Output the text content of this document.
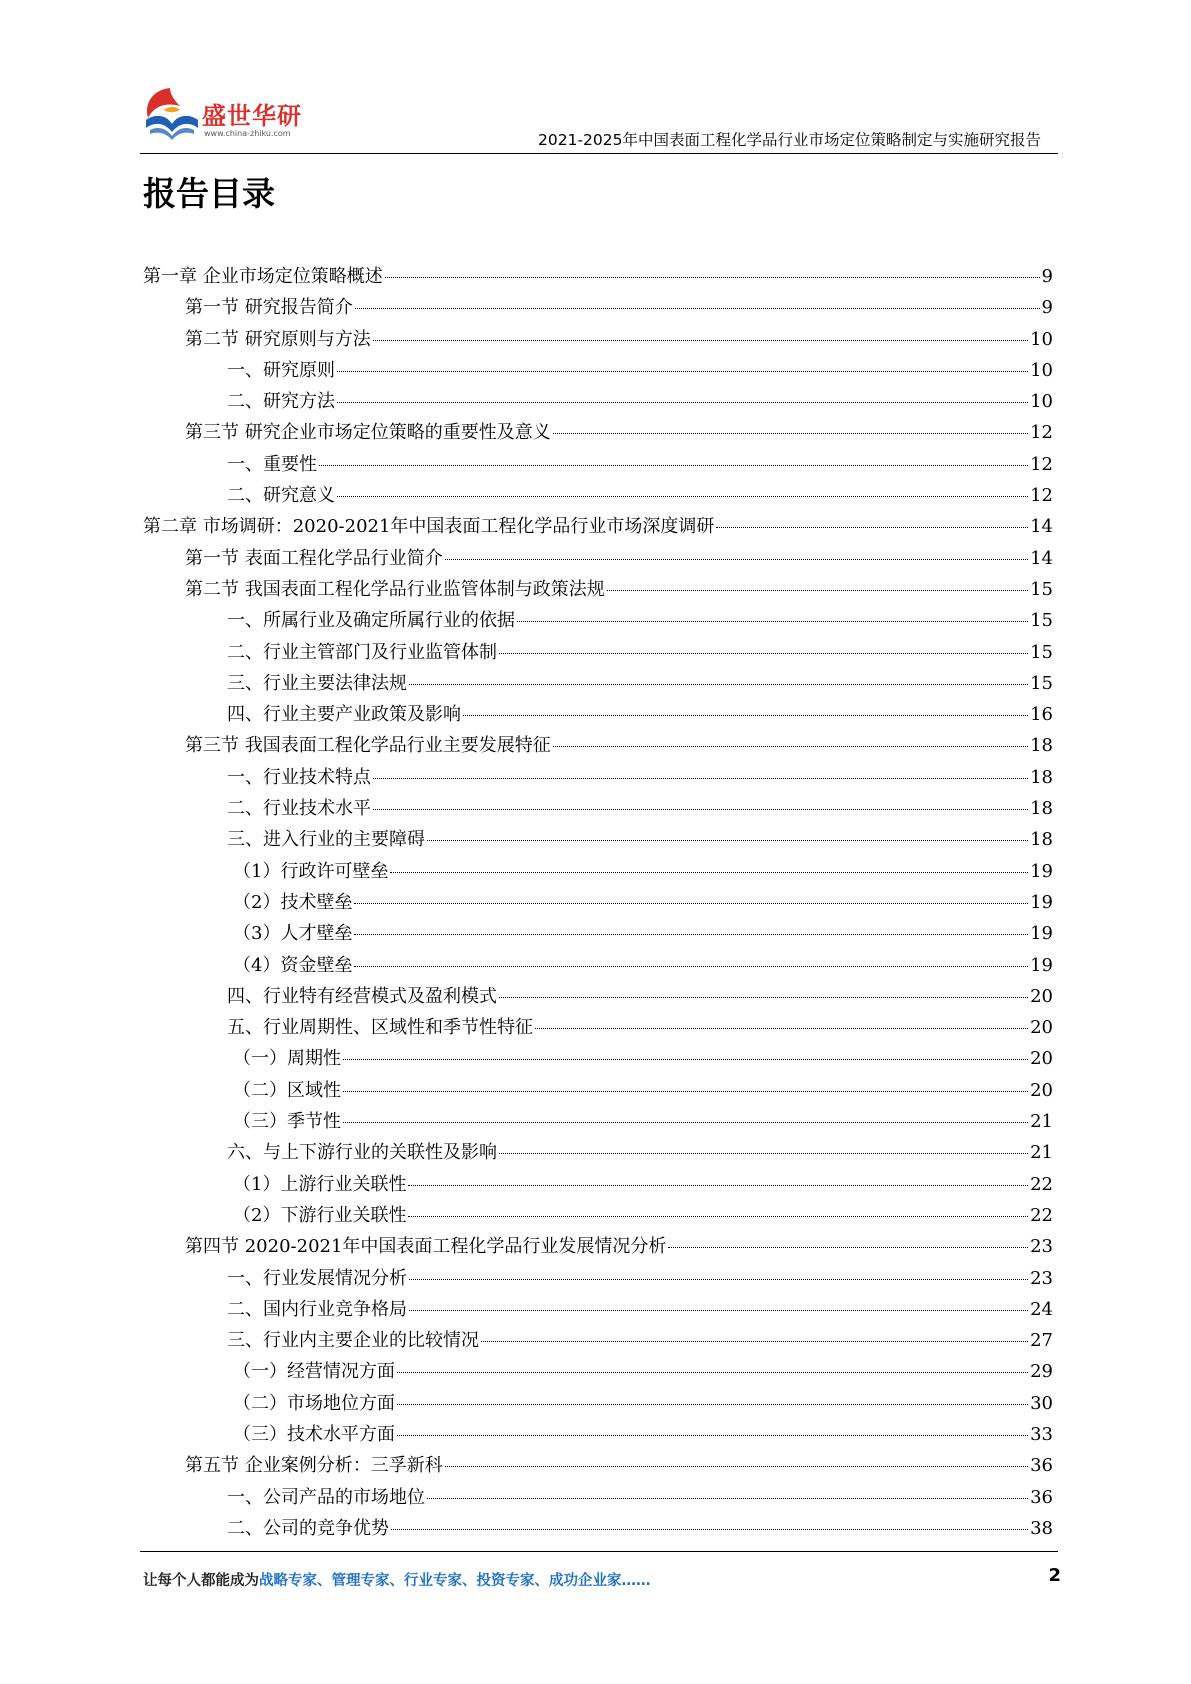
盛世华研
www.china-zhiku.com	2021-2025年中国表面工程化学品行业市场定位策略制定与实施研究报告
报告目录
第一章 企业市场定位策略概述	9
第一节 研究报告简介	9
第二节 研究原则与方法	10
一、研究原则	10
二、研究方法	10
第三节 研究企业市场定位策略的重要性及意义	12
一、重要性	12
二、研究意义	12
第二章 市场调研：2020-2021年中国表面工程化学品行业市场深度调研	14
第一节 表面工程化学品行业简介	14
第二节 我国表面工程化学品行业监管体制与政策法规	15
一、所属行业及确定所属行业的依据	15
二、行业主管部门及行业监管体制	15
三、行业主要法律法规	15
四、行业主要产业政策及影响	16
第三节 我国表面工程化学品行业主要发展特征	18
一、行业技术特点	18
二、行业技术水平	18
三、进入行业的主要障碍	18
（1）行政许可壁垒	19
（2）技术壁垒	19
（3）人才壁垒	19
（4）资金壁垒	19
四、行业特有经营模式及盈利模式	20
五、行业周期性、区域性和季节性特征	20
（一）周期性	20
（二）区域性	20
（三）季节性	21
六、与上下游行业的关联性及影响	21
（1）上游行业关联性	22
（2）下游行业关联性	22
第四节 2020-2021年中国表面工程化学品行业发展情况分析	23
一、行业发展情况分析	23
二、国内行业竞争格局	24
三、行业内主要企业的比较情况	27
（一）经营情况方面	29
（二）市场地位方面	30
（三）技术水平方面	33
第五节 企业案例分析：三孚新科	36
一、公司产品的市场地位	36
二、公司的竞争优势	38
让每个人都能成为战略专家、管理专家、行业专家、投资专家、成功企业家……	2
